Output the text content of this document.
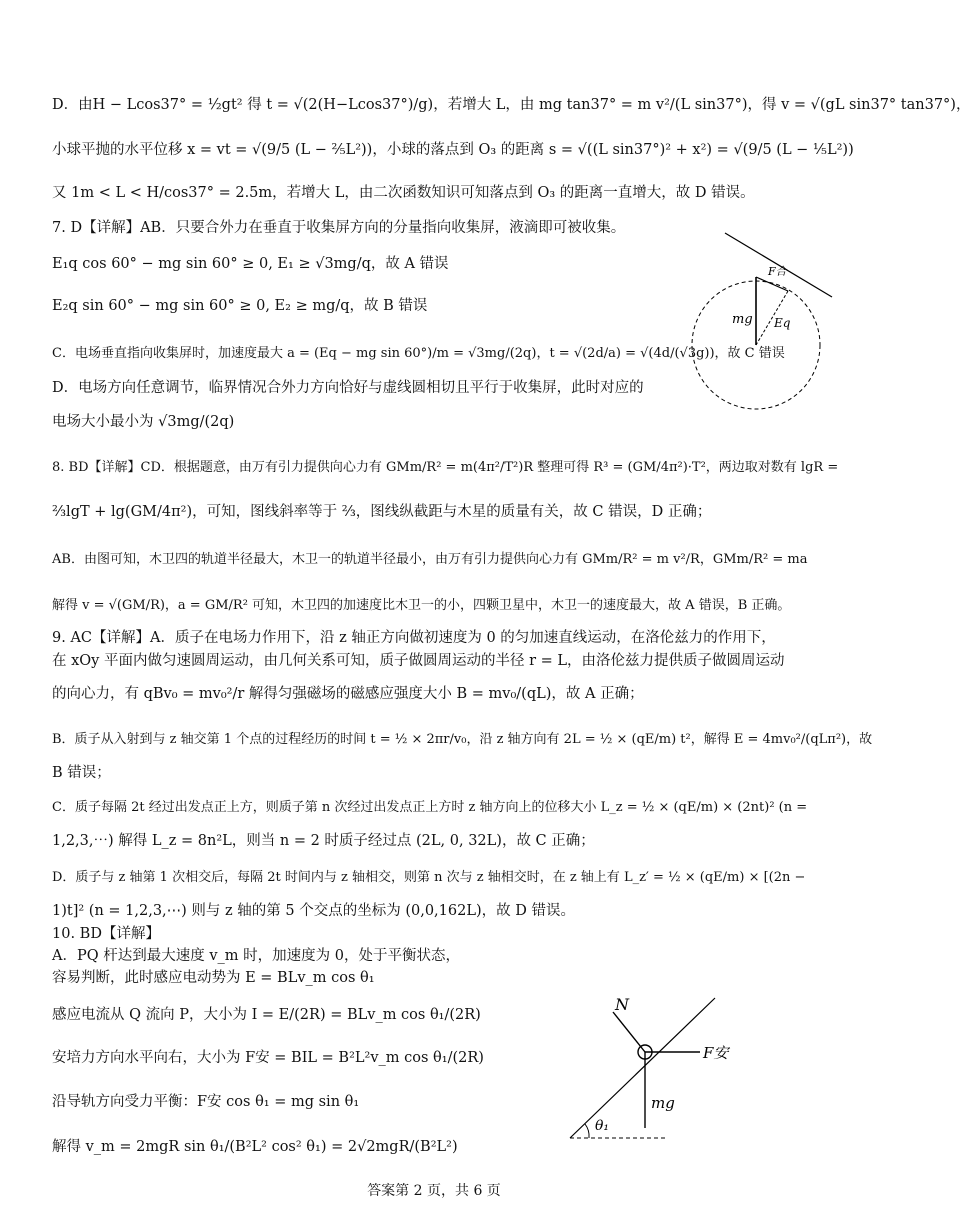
D．由H − Lcos37° = ½gt² 得 t = √(2(H−Lcos37°)/g)，若增大 L，由 mg tan37° = m v²/(L sin37°)，得 v = √(gL sin37° tan37°)，
小球平抛的水平位移 x = vt = √(9/5 (L − ⅖L²))，小球的落点到 O₃ 的距离 s = √((L sin37°)² + x²) = √(9/5 (L − ⅕L²))
又 1m < L < H/cos37° = 2.5m，若增大 L，由二次函数知识可知落点到 O₃ 的距离一直增大，故 D 错误。
7. D【详解】AB．只要合外力在垂直于收集屏方向的分量指向收集屏，液滴即可被收集。
E₁q cos 60° − mg sin 60° ≥ 0, E₁ ≥ √3mg/q，故 A 错误
E₂q sin 60° − mg sin 60° ≥ 0, E₂ ≥ mg/q，故 B 错误
C．电场垂直指向收集屏时，加速度最大 a = (Eq − mg sin 60°)/m = √3mg/(2q)，t = √(2d/a) = √(4d/(√3g))，故 C 错误
D．电场方向任意调节，临界情况合外力方向恰好与虚线圆相切且平行于收集屏，此时对应的
电场大小最小为 √3mg/(2q)
8. BD【详解】CD．根据题意，由万有引力提供向心力有 GMm/R² = m(4π²/T²)R 整理可得 R³ = (GM/4π²)·T²，两边取对数有 lgR =
⅔lgT + lg(GM/4π²)，可知，图线斜率等于 ⅔，图线纵截距与木星的质量有关，故 C 错误，D 正确；
AB．由图可知，木卫四的轨道半径最大，木卫一的轨道半径最小，由万有引力提供向心力有 GMm/R² = m v²/R，GMm/R² = ma
解得 v = √(GM/R)，a = GM/R² 可知，木卫四的加速度比木卫一的小，四颗卫星中，木卫一的速度最大，故 A 错误，B 正确。
9. AC【详解】A．质子在电场力作用下，沿 z 轴正方向做初速度为 0 的匀加速直线运动，在洛伦兹力的作用下，
在 xOy 平面内做匀速圆周运动，由几何关系可知，质子做圆周运动的半径 r = L，由洛伦兹力提供质子做圆周运动
的向心力，有 qBv₀ = mv₀²/r 解得匀强磁场的磁感应强度大小 B = mv₀/(qL)，故 A 正确；
B．质子从入射到与 z 轴交第 1 个点的过程经历的时间 t = ½ × 2πr/v₀，沿 z 轴方向有 2L = ½ × (qE/m) t²，解得 E = 4mv₀²/(qLπ²)，故
B 错误；
C．质子每隔 2t 经过出发点正上方，则质子第 n 次经过出发点正上方时 z 轴方向上的位移大小 L_z = ½ × (qE/m) × (2nt)² (n =
1,2,3,⋯) 解得 L_z = 8n²L，则当 n = 2 时质子经过点 (2L, 0, 32L)，故 C 正确；
D．质子与 z 轴第 1 次相交后，每隔 2t 时间内与 z 轴相交，则第 n 次与 z 轴相交时，在 z 轴上有 L_z′ = ½ × (qE/m) × [(2n −
1)t]² (n = 1,2,3,⋯) 则与 z 轴的第 5 个交点的坐标为 (0,0,162L)，故 D 错误。
10. BD【详解】
A．PQ 杆达到最大速度 v_m 时，加速度为 0，处于平衡状态，
容易判断，此时感应电动势为 E = BLv_m cos θ₁
感应电流从 Q 流向 P，大小为 I = E/(2R) = BLv_m cos θ₁/(2R)
安培力方向水平向右，大小为 F安 = BIL = B²L²v_m cos θ₁/(2R)
沿导轨方向受力平衡：F安 cos θ₁ = mg sin θ₁
解得 v_m = 2mgR sin θ₁/(B²L² cos² θ₁) = 2√2mgR/(B²L²)
F合
mg Eq
N
F安
mg
θ₁
答案第 2 页，共 6 页
